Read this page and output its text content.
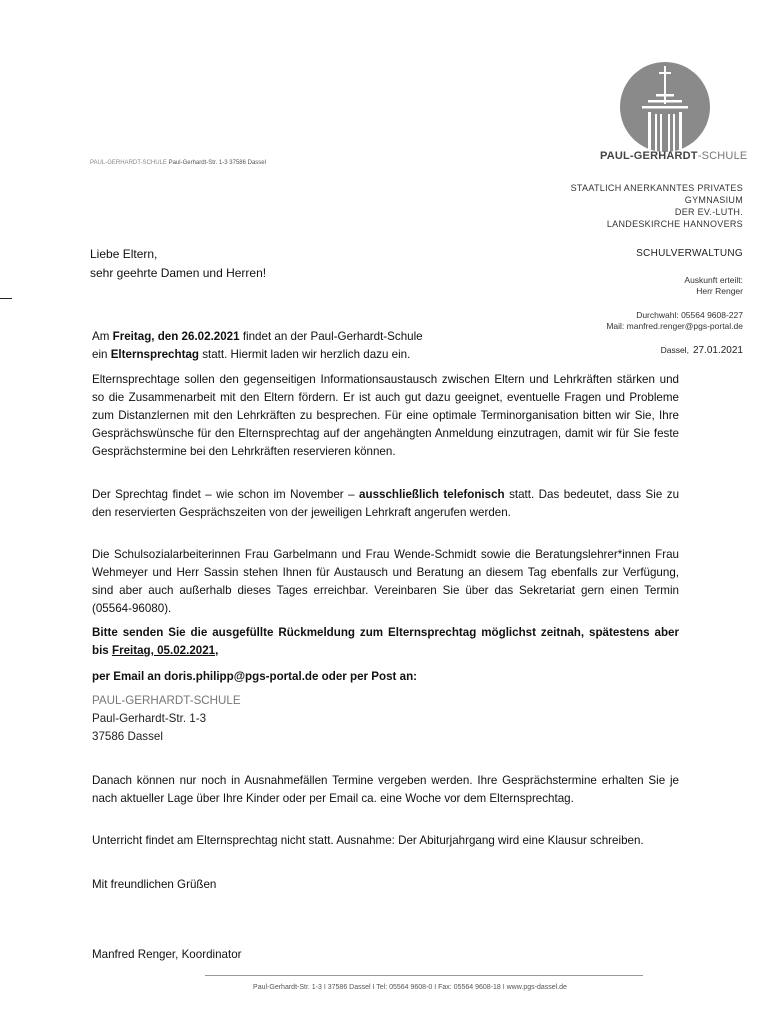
PAUL-GERHARDT-SCHULE
PAUL-GERHARDT-SCHULE Paul-Gerhardt-Str. 1-3 37586 Dassel
STAATLICH ANERKANNTES PRIVATES
GYMNASIUM
DER EV.-LUTH.
LANDESKIRCHE HANNOVERS
SCHULVERWALTUNG
Auskunft erteilt:
Herr Renger
Durchwahl: 05564 9608-227
Mail: manfred.renger@pgs-portal.de
Dassel, 27.01.2021
Liebe Eltern,
sehr geehrte Damen und Herren!
Am Freitag, den 26.02.2021 findet an der Paul-Gerhardt-Schule
ein Elternsprechtag statt. Hiermit laden wir herzlich dazu ein.
Elternsprechtage sollen den gegenseitigen Informationsaustausch zwischen Eltern und Lehrkräften stärken und so die Zusammenarbeit mit den Eltern fördern. Er ist auch gut dazu geeignet, eventuelle Fragen und Probleme zum Distanzlernen mit den Lehrkräften zu besprechen. Für eine optimale Terminorganisation bitten wir Sie, Ihre Gesprächswünsche für den Elternsprechtag auf der angehängten Anmeldung einzutragen, damit wir für Sie feste Gesprächstermine bei den Lehrkräften reservieren können.
Der Sprechtag findet – wie schon im November – ausschließlich telefonisch statt. Das bedeutet, dass Sie zu den reservierten Gesprächszeiten von der jeweiligen Lehrkraft angerufen werden.
Die Schulsozialarbeiterinnen Frau Garbelmann und Frau Wende-Schmidt sowie die Beratungslehrer*innen Frau Wehmeyer und Herr Sassin stehen Ihnen für Austausch und Beratung an diesem Tag ebenfalls zur Verfügung, sind aber auch außerhalb dieses Tages erreichbar. Vereinbaren Sie über das Sekretariat gern einen Termin (05564-96080).
Bitte senden Sie die ausgefüllte Rückmeldung zum Elternsprechtag möglichst zeitnah, spätestens aber bis Freitag, 05.02.2021,
per Email an doris.philipp@pgs-portal.de oder per Post an:
PAUL-GERHARDT-SCHULE
Paul-Gerhardt-Str. 1-3
37586 Dassel
Danach können nur noch in Ausnahmefällen Termine vergeben werden. Ihre Gesprächstermine erhalten Sie je nach aktueller Lage über Ihre Kinder oder per Email ca. eine Woche vor dem Elternsprechtag.
Unterricht findet am Elternsprechtag nicht statt. Ausnahme: Der Abiturjahrgang wird eine Klausur schreiben.
Mit freundlichen Grüßen
Manfred Renger, Koordinator
Paul-Gerhardt-Str. 1-3 I 37586 Dassel I Tel: 05564 9608-0 I Fax: 05564 9608-18 I www.pgs-dassel.de
